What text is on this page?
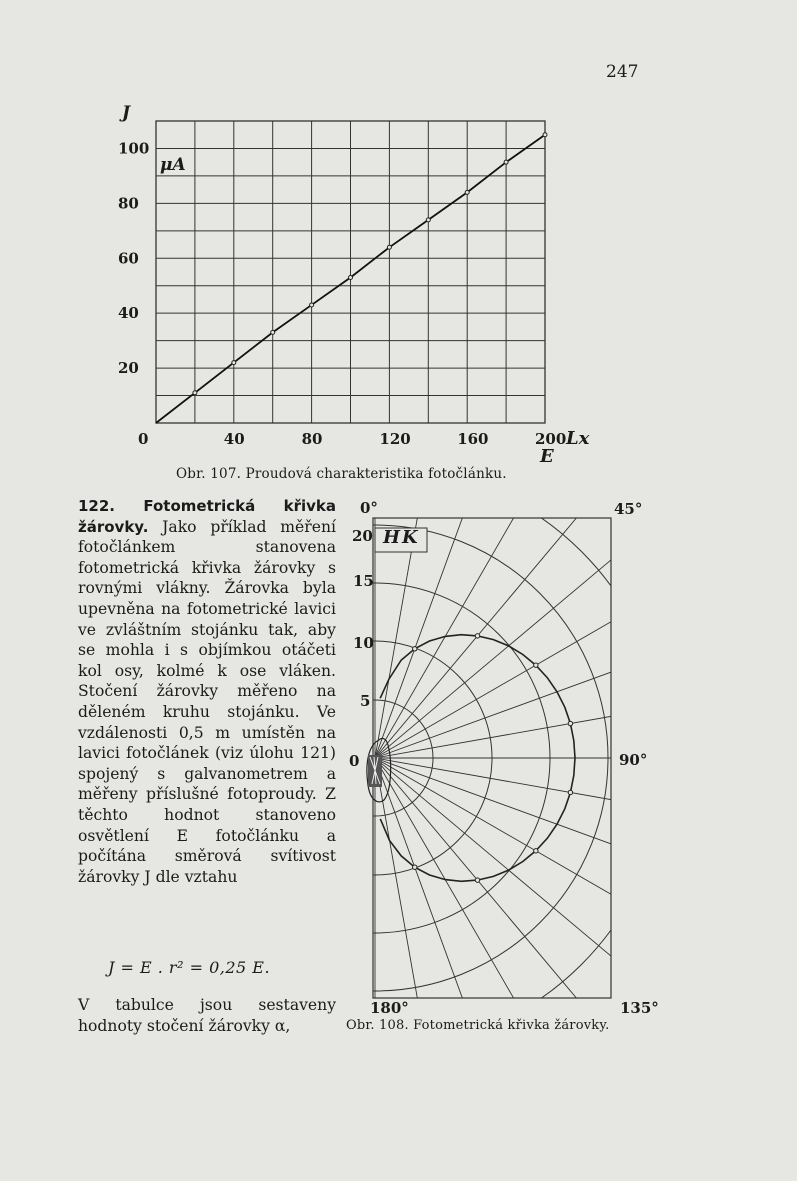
247
100
80
60
40
20
0	40	80	120	160	200
J
μA
Lx
E
Obr. 107. Proudová charakteristika fotočlánku.
HK
0°	45°
90°
135°
180°
20
15
10
5
0
Obr. 108. Fotometrická křivka žárovky.
122. Fotometrická křivka žárovky. Jako příklad měření fotočlánkem stanovena fotometrická křivka žárovky s rovnými vlákny. Žárovka byla upevněna na fotometrické lavici ve zvláštním stojánku tak, aby se mohla i s objímkou otáčeti kol osy, kolmé k ose vláken. Stočení žárovky měřeno na děleném kruhu stojánku. Ve vzdálenosti 0,5 m umístěn na lavici fotočlánek (viz úlohu 121) spojený s galvanometrem a měřeny příslušné fotoproudy. Z těchto hodnot stanoveno osvětlení E fotočlánku a počítána směrová svítivost žárovky J dle vztahu
J = E . r² = 0,25 E.
V tabulce jsou sestaveny hodnoty stočení žárovky α,
